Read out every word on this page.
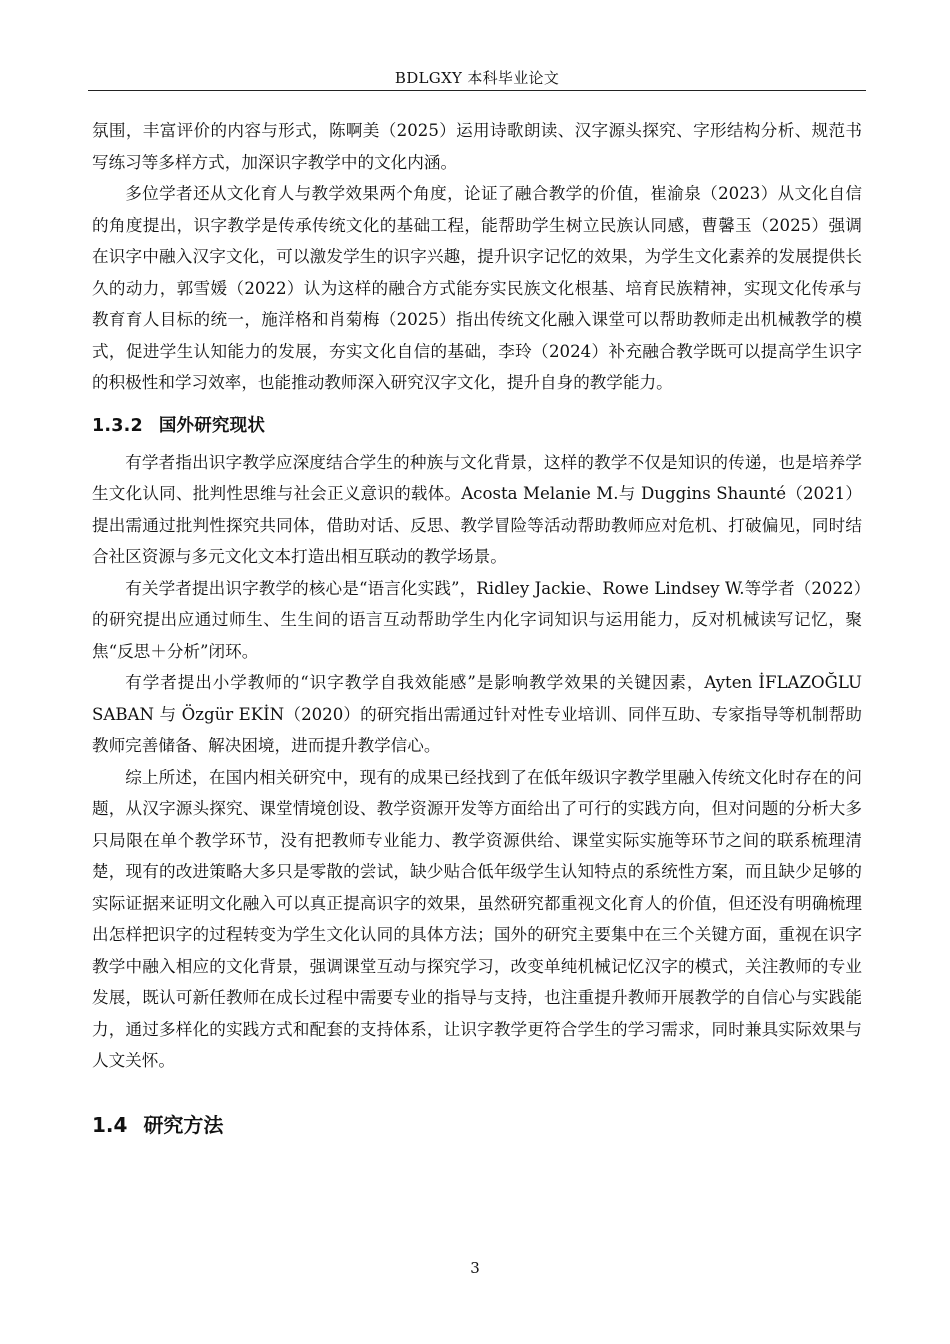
BDLGXY 本科毕业论文

氛围，丰富评价的内容与形式，陈啊美（2025）运用诗歌朗读、汉字源头探究、字形结构分析、规范书写练习等多样方式，加深识字教学中的文化内涵。

多位学者还从文化育人与教学效果两个角度，论证了融合教学的价值，崔渝泉（2023）从文化自信的角度提出，识字教学是传承传统文化的基础工程，能帮助学生树立民族认同感，曹馨玉（2025）强调在识字中融入汉字文化，可以激发学生的识字兴趣，提升识字记忆的效果，为学生文化素养的发展提供长久的动力，郭雪媛（2022）认为这样的融合方式能夯实民族文化根基、培育民族精神，实现文化传承与教育育人目标的统一，施洋格和肖菊梅（2025）指出传统文化融入课堂可以帮助教师走出机械教学的模式，促进学生认知能力的发展，夯实文化自信的基础，李玲（2024）补充融合教学既可以提高学生识字的积极性和学习效率，也能推动教师深入研究汉字文化，提升自身的教学能力。

1.3.2 国外研究现状

有学者指出识字教学应深度结合学生的种族与文化背景，这样的教学不仅是知识的传递，也是培养学生文化认同、批判性思维与社会正义意识的载体。Acosta Melanie M.与 Duggins Shaunté（2021）提出需通过批判性探究共同体，借助对话、反思、教学冒险等活动帮助教师应对危机、打破偏见，同时结合社区资源与多元文化文本打造出相互联动的教学场景。

有关学者提出识字教学的核心是“语言化实践”，Ridley Jackie、Rowe Lindsey W.等学者（2022）的研究提出应通过师生、生生间的语言互动帮助学生内化字词知识与运用能力，反对机械读写记忆，聚焦“反思＋分析”闭环。

有学者提出小学教师的“识字教学自我效能感”是影响教学效果的关键因素，Ayten İFLAZOĞLU SABAN 与 Özgür EKİN（2020）的研究指出需通过针对性专业培训、同伴互助、专家指导等机制帮助教师完善储备、解决困境，进而提升教学信心。

综上所述，在国内相关研究中，现有的成果已经找到了在低年级识字教学里融入传统文化时存在的问题，从汉字源头探究、课堂情境创设、教学资源开发等方面给出了可行的实践方向，但对问题的分析大多只局限在单个教学环节，没有把教师专业能力、教学资源供给、课堂实际实施等环节之间的联系梳理清楚，现有的改进策略大多只是零散的尝试，缺少贴合低年级学生认知特点的系统性方案，而且缺少足够的实际证据来证明文化融入可以真正提高识字的效果，虽然研究都重视文化育人的价值，但还没有明确梳理出怎样把识字的过程转变为学生文化认同的具体方法；国外的研究主要集中在三个关键方面，重视在识字教学中融入相应的文化背景，强调课堂互动与探究学习，改变单纯机械记忆汉字的模式，关注教师的专业发展，既认可新任教师在成长过程中需要专业的指导与支持，也注重提升教师开展教学的自信心与实践能力，通过多样化的实践方式和配套的支持体系，让识字教学更符合学生的学习需求，同时兼具实际效果与人文关怀。

1.4 研究方法
3
